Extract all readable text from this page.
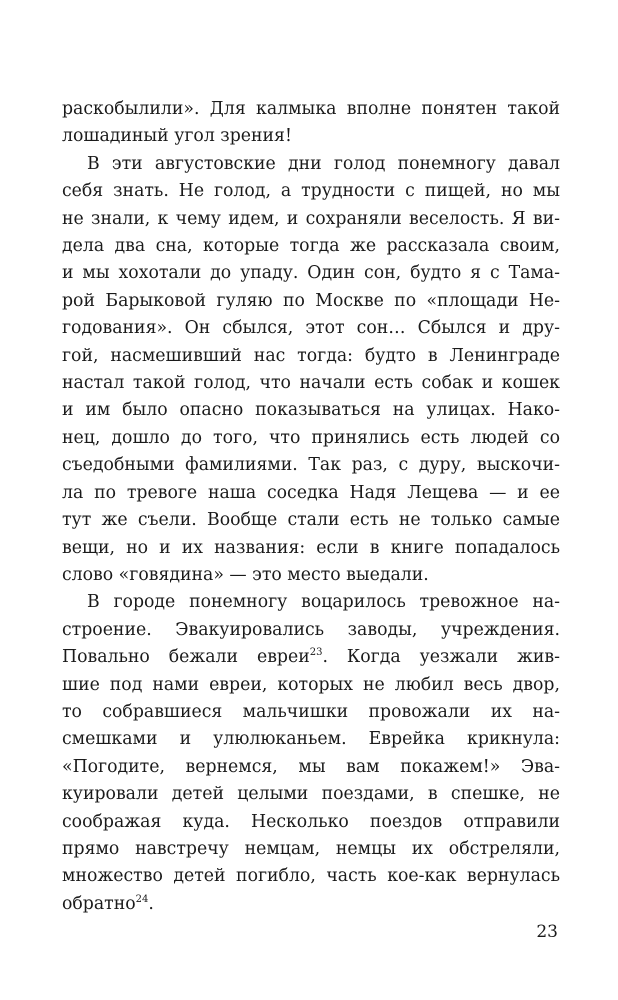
раскобылили». Для калмыка вполне понятен такой
лошадиный угол зрения!

В эти августовские дни голод понемногу давал
себя знать. Не голод, а трудности с пищей, но мы
не знали, к чему идем, и сохраняли веселость. Я ви-
дела два сна, которые тогда же рассказала своим,
и мы хохотали до упаду. Один сон, будто я с Тама-
рой Барыковой гуляю по Москве по «площади Не-
годования». Он сбылся, этот сон… Сбылся и дру-
гой, насмешивший нас тогда: будто в Ленинграде
настал такой голод, что начали есть собак и кошек
и им было опасно показываться на улицах. Нако-
нец, дошло до того, что принялись есть людей со
съедобными фамилиями. Так раз, с дуру, выскочи-
ла по тревоге наша соседка Надя Лещева — и ее
тут же съели. Вообще стали есть не только самые
вещи, но и их названия: если в книге попадалось
слово «говядина» — это место выедали.

В городе понемногу воцарилось тревожное на-
строение. Эвакуировались заводы, учреждения.
Повально бежали евреи$^{23}$. Когда уезжали жив-
шие под нами евреи, которых не любил весь двор,
то собравшиеся мальчишки провожали их на-
смешками и улюлюканьем. Еврейка крикнула:
«Погодите, вернемся, мы вам покажем!» Эва-
куировали детей целыми поездами, в спешке, не
соображая куда. Несколько поездов отправили
прямо навстречу немцам, немцы их обстреляли,
множество детей погибло, часть кое-как вернулась
обратно$^{24}$.

23
